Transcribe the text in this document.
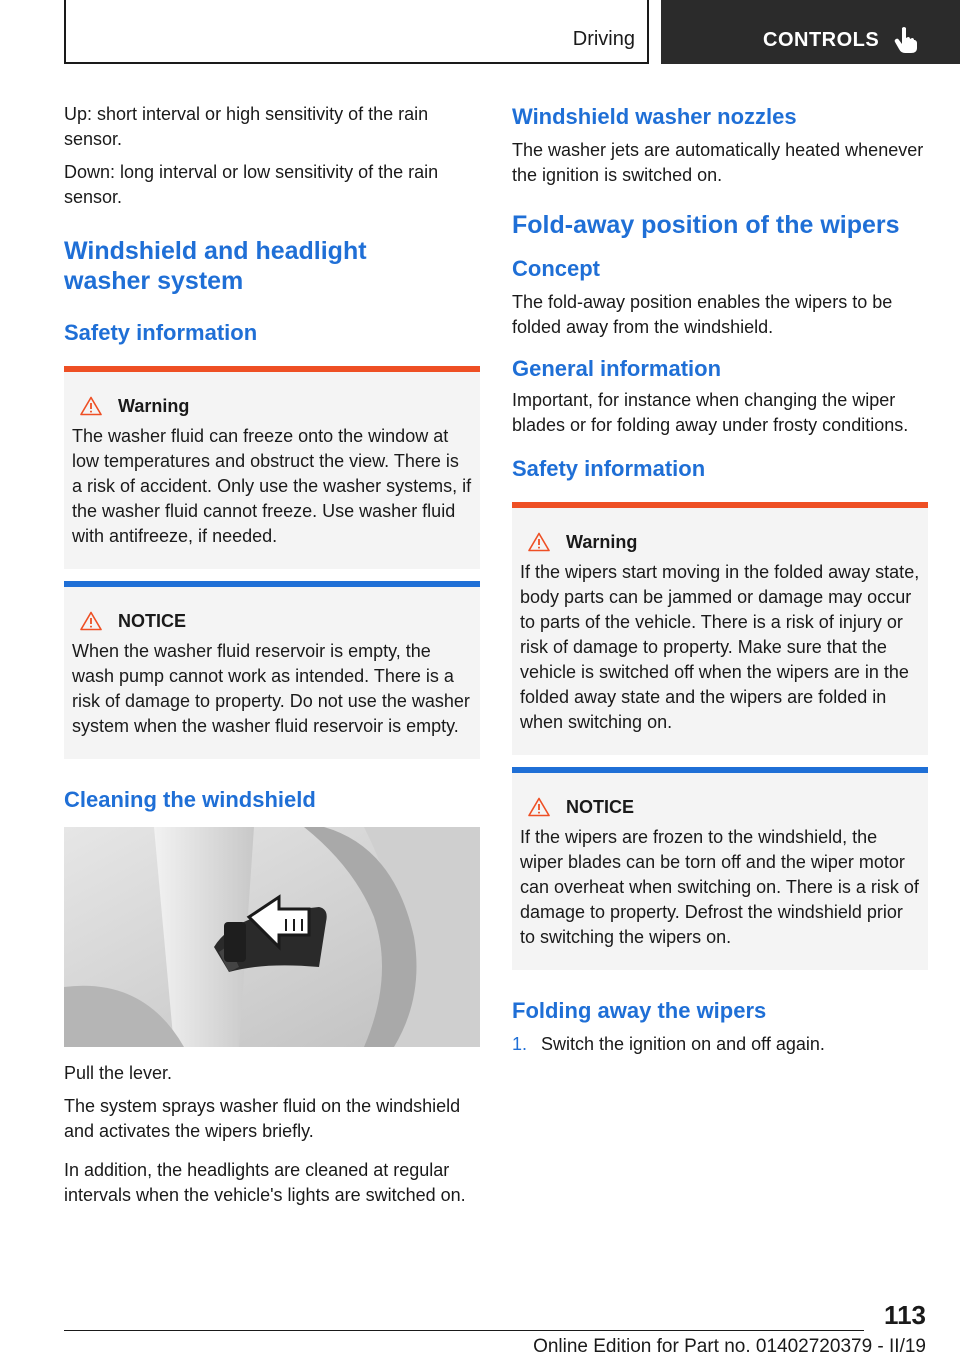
Driving	CONTROLS

Up: short interval or high sensitivity of the rain sensor.

Down: long interval or low sensitivity of the rain sensor.

Windshield and headlight
washer system
Safety information
Warning

The washer fluid can freeze onto the window at low temperatures and obstruct the view. There is a risk of accident. Only use the washer systems, if the washer fluid cannot freeze. Use washer fluid with antifreeze, if needed.

NOTICE

When the washer fluid reservoir is empty, the wash pump cannot work as intended. There is a risk of damage to property. Do not use the washer system when the washer fluid reservoir is empty.

Cleaning the windshield

Pull the lever.

The system sprays washer fluid on the windshield and activates the wipers briefly.

In addition, the headlights are cleaned at regular intervals when the vehicle's lights are switched on.

Windshield washer nozzles

The washer jets are automatically heated whenever the ignition is switched on.

Fold-away position of the wipers
Concept

The fold-away position enables the wipers to be folded away from the windshield.

General information

Important, for instance when changing the wiper blades or for folding away under frosty conditions.

Safety information
Warning

If the wipers start moving in the folded away state, body parts can be jammed or damage may occur to parts of the vehicle. There is a risk of injury or risk of damage to property. Make sure that the vehicle is switched off when the wipers are in the folded away state and the wipers are folded in when switching on.

NOTICE

If the wipers are frozen to the windshield, the wiper blades can be torn off and the wiper motor can overheat when switching on. There is a risk of damage to property. Defrost the windshield prior to switching the wipers on.

Folding away the wipers
1. Switch the ignition on and off again.
113
Online Edition for Part no. 01402720379 - II/19
